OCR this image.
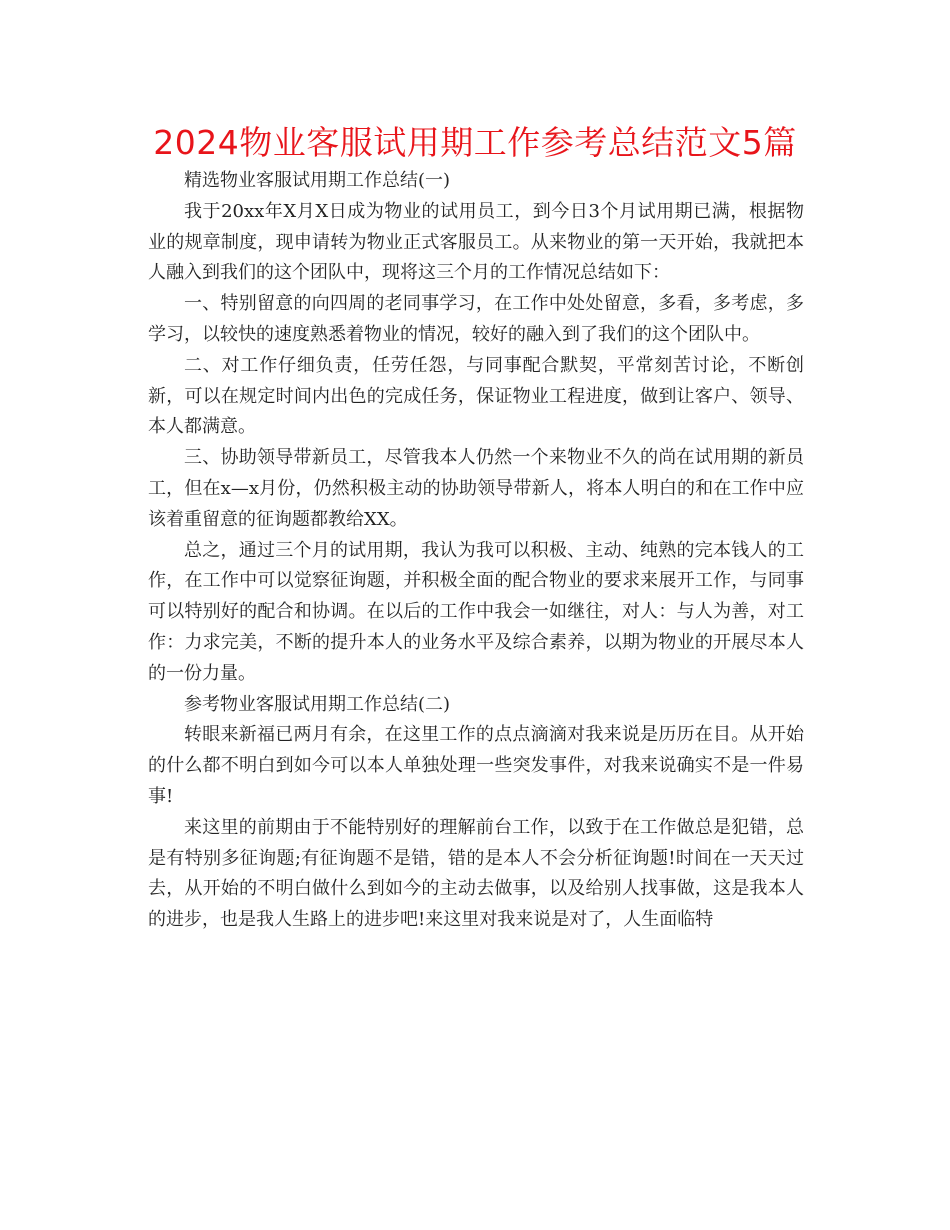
2024物业客服试用期工作参考总结范文5篇

精选物业客服试用期工作总结(一)

我于20xx年X月X日成为物业的试用员工，到今日3个月试用期已满，根据物业的规章制度，现申请转为物业正式客服员工。从来物业的第一天开始，我就把本人融入到我们的这个团队中，现将这三个月的工作情况总结如下：

一、特别留意的向四周的老同事学习，在工作中处处留意，多看，多考虑，多学习，以较快的速度熟悉着物业的情况，较好的融入到了我们的这个团队中。

二、对工作仔细负责，任劳任怨，与同事配合默契，平常刻苦讨论，不断创新，可以在规定时间内出色的完成任务，保证物业工程进度，做到让客户、领导、本人都满意。

三、协助领导带新员工，尽管我本人仍然一个来物业不久的尚在试用期的新员工，但在x—x月份，仍然积极主动的协助领导带新人，将本人明白的和在工作中应该着重留意的征询题都教给XX。

总之，通过三个月的试用期，我认为我可以积极、主动、纯熟的完本钱人的工作，在工作中可以觉察征询题，并积极全面的配合物业的要求来展开工作，与同事可以特别好的配合和协调。在以后的工作中我会一如继往，对人：与人为善，对工作：力求完美，不断的提升本人的业务水平及综合素养，以期为物业的开展尽本人的一份力量。

参考物业客服试用期工作总结(二)

转眼来新福已两月有余，在这里工作的点点滴滴对我来说是历历在目。从开始的什么都不明白到如今可以本人单独处理一些突发事件，对我来说确实不是一件易事!

来这里的前期由于不能特别好的理解前台工作，以致于在工作做总是犯错，总是有特别多征询题;有征询题不是错，错的是本人不会分析征询题!时间在一天天过去，从开始的不明白做什么到如今的主动去做事，以及给别人找事做，这是我本人的进步，也是我人生路上的进步吧!来这里对我来说是对了，人生面临特
